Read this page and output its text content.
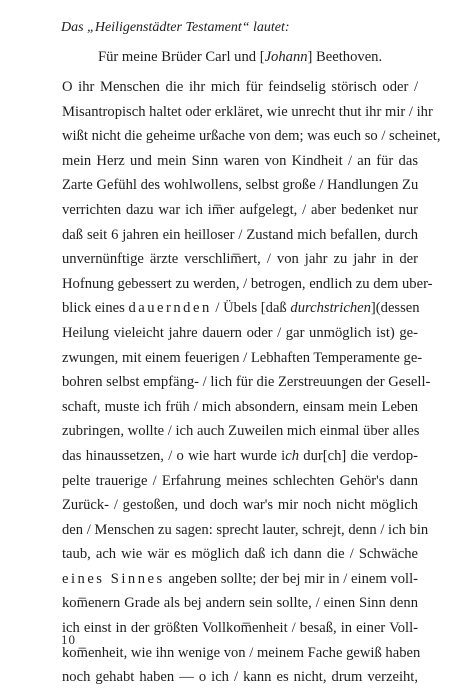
Das „Heiligenstädter Testament“ lautet:
Für meine Brüder Carl und [Johann] Beethoven.
O ihr Menschen die ihr mich für feindselig störisch oder /
Misantropisch haltet oder erkläret, wie unrecht thut ihr mir / ihr
wißt nicht die geheime urßache von dem; was euch so / scheinet,
mein Herz und mein Sinn waren von Kindheit / an für das
Zarte Gefühl des wohlwollens, selbst große / Handlungen Zu
verrichten dazu war ich im̅er aufgelegt, / aber bedenket nur
daß seit 6 jahren ein heilloser / Zustand mich befallen, durch
unvernünftige ärzte verschlim̅ert, / von jahr zu jahr in der
Hofnung gebessert zu werden, / betrogen, endlich zu dem uber-
blick eines dauernden / Übels [daß durchstrichen](dessen
Heilung vieleicht jahre dauern oder / gar unmöglich ist) ge-
zwungen, mit einem feuerigen / Lebhaften Temperamente ge-
bohren selbst empfäng- / lich für die Zerstreuungen der Gesell-
schaft, muste ich früh / mich absondern, einsam mein Leben
zubringen, wollte / ich auch Zuweilen mich einmal über alles
das hinaussetzen, / o wie hart wurde ich dur[ch] die verdop-
pelte trauerige / Erfahrung meines schlechten Gehör's dann
Zurück- / gestoßen, und doch war's mir noch nicht möglich
den / Menschen zu sagen: sprecht lauter, schrejt, denn / ich bin
taub, ach wie wär es möglich daß ich dann die / Schwäche
eines Sinnes angeben sollte; der bej mir in / einem voll-
kom̅enern Grade als bej andern sein sollte, / einen Sinn denn
ich einst in der größten Vollkom̅enheit / besaß, in einer Voll-
kom̅enheit, wie ihn wenige von / meinem Fache gewiß haben
noch gehabt haben — o ich / kann es nicht, drum verzeiht,
10
